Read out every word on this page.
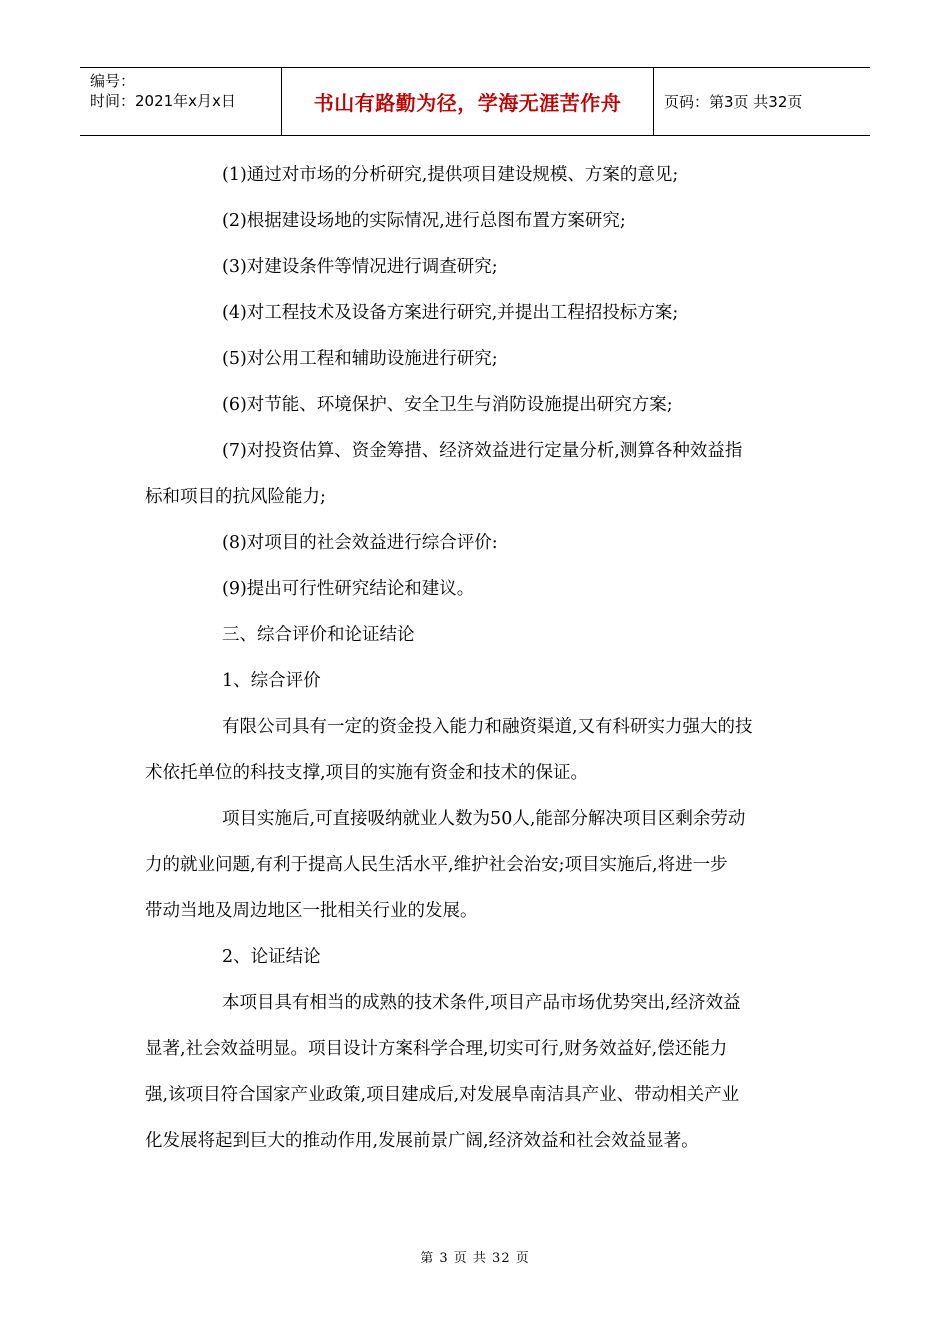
编号：
时间：2021年x月x日	书山有路勤为径，学海无涯苦作舟	页码：第3页 共32页
(1)通过对市场的分析研究,提供项目建设规模、方案的意见;
(2)根据建设场地的实际情况,进行总图布置方案研究;
(3)对建设条件等情况进行调查研究;
(4)对工程技术及设备方案进行研究,并提出工程招投标方案;
(5)对公用工程和辅助设施进行研究;
(6)对节能、环境保护、安全卫生与消防设施提出研究方案;
(7)对投资估算、资金筹措、经济效益进行定量分析,测算各种效益指
标和项目的抗风险能力;
(8)对项目的社会效益进行综合评价:
(9)提出可行性研究结论和建议。
三、综合评价和论证结论
1、综合评价
有限公司具有一定的资金投入能力和融资渠道,又有科研实力强大的技
术依托单位的科技支撑,项目的实施有资金和技术的保证。
项目实施后,可直接吸纳就业人数为50人,能部分解决项目区剩余劳动
力的就业问题,有利于提高人民生活水平,维护社会治安;项目实施后,将进一步
带动当地及周边地区一批相关行业的发展。
2、论证结论
本项目具有相当的成熟的技术条件,项目产品市场优势突出,经济效益
显著,社会效益明显。项目设计方案科学合理,切实可行,财务效益好,偿还能力
强,该项目符合国家产业政策,项目建成后,对发展阜南洁具产业、带动相关产业
化发展将起到巨大的推动作用,发展前景广阔,经济效益和社会效益显著。
第 3 页 共 32 页
